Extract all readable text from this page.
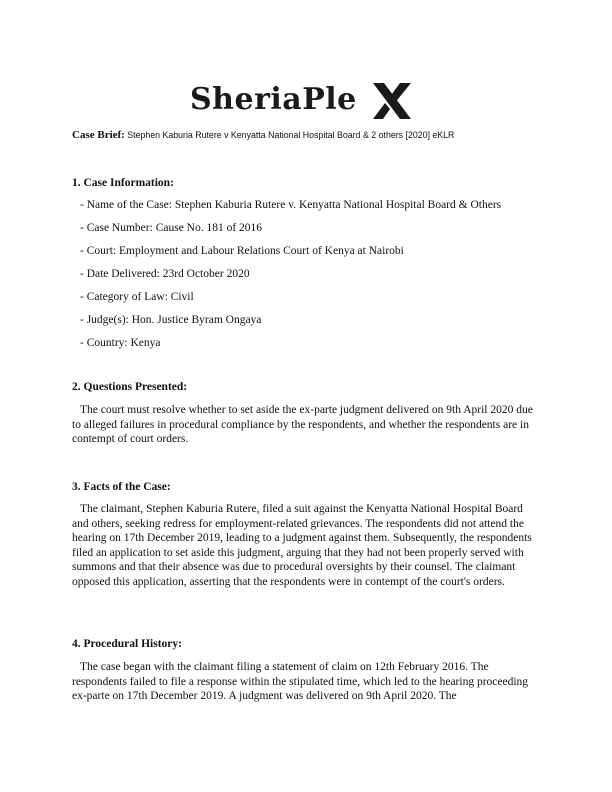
SheriaPle
Case Brief: Stephen Kaburia Rutere v Kenyatta National Hospital Board & 2 others [2020] eKLR
1. Case Information:
- Name of the Case: Stephen Kaburia Rutere v. Kenyatta National Hospital Board & Others
- Case Number: Cause No. 181 of 2016
- Court: Employment and Labour Relations Court of Kenya at Nairobi
- Date Delivered: 23rd October 2020
- Category of Law: Civil
- Judge(s): Hon. Justice Byram Ongaya
- Country: Kenya
2. Questions Presented:

The court must resolve whether to set aside the ex-parte judgment delivered on 9th April 2020 due to alleged failures in procedural compliance by the respondents, and whether the respondents are in contempt of court orders.

3. Facts of the Case:

The claimant, Stephen Kaburia Rutere, filed a suit against the Kenyatta National Hospital Board and others, seeking redress for employment-related grievances. The respondents did not attend the hearing on 17th December 2019, leading to a judgment against them. Subsequently, the respondents filed an application to set aside this judgment, arguing that they had not been properly served with summons and that their absence was due to procedural oversights by their counsel. The claimant opposed this application, asserting that the respondents were in contempt of the court's orders.

4. Procedural History:

The case began with the claimant filing a statement of claim on 12th February 2016. The respondents failed to file a response within the stipulated time, which led to the hearing proceeding ex-parte on 17th December 2019. A judgment was delivered on 9th April 2020. The
